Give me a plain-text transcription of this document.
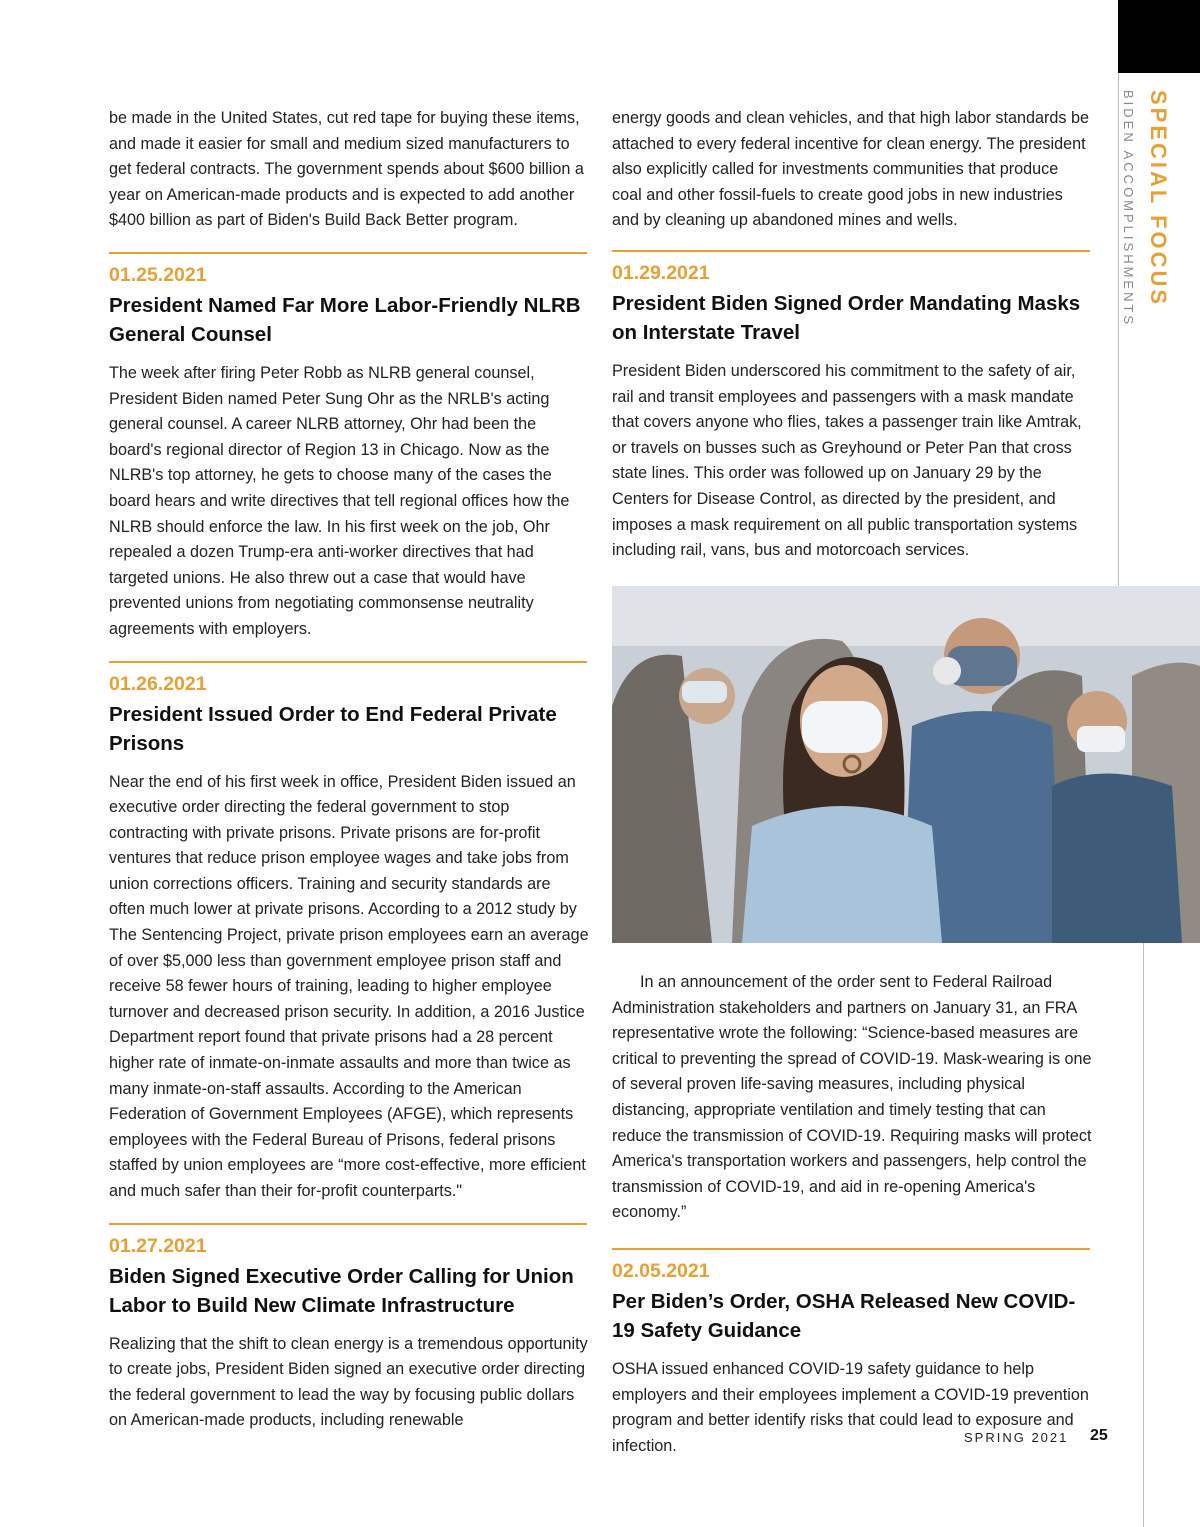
SPECIAL FOCUS
BIDEN ACCOMPLISHMENTS

be made in the United States, cut red tape for buying these items, and made it easier for small and medium sized manufacturers to get federal contracts. The government spends about $600 billion a year on American-made products and is expected to add another $400 billion as part of Biden's Build Back Better program.

01.25.2021
President Named Far More Labor-Friendly NLRB General Counsel

The week after firing Peter Robb as NLRB general counsel, President Biden named Peter Sung Ohr as the NRLB's acting general counsel. A career NLRB attorney, Ohr had been the board's regional director of Region 13 in Chicago. Now as the NLRB's top attorney, he gets to choose many of the cases the board hears and write directives that tell regional offices how the NLRB should enforce the law. In his first week on the job, Ohr repealed a dozen Trump-era anti-worker directives that had targeted unions. He also threw out a case that would have prevented unions from negotiating commonsense neutrality agreements with employers.

01.26.2021
President Issued Order to End Federal Private Prisons

Near the end of his first week in office, President Biden issued an executive order directing the federal government to stop contracting with private prisons. Private prisons are for-profit ventures that reduce prison employee wages and take jobs from union corrections officers. Training and security standards are often much lower at private prisons. According to a 2012 study by The Sentencing Project, private prison employees earn an average of over $5,000 less than government employee prison staff and receive 58 fewer hours of training, leading to higher employee turnover and decreased prison security. In addition, a 2016 Justice Department report found that private prisons had a 28 percent higher rate of inmate-on-inmate assaults and more than twice as many inmate-on-staff assaults. According to the American Federation of Government Employees (AFGE), which represents employees with the Federal Bureau of Prisons, federal prisons staffed by union employees are “more cost-effective, more efficient and much safer than their for-profit counterparts."

01.27.2021
Biden Signed Executive Order Calling for Union Labor to Build New Climate Infrastructure

Realizing that the shift to clean energy is a tremendous opportunity to create jobs, President Biden signed an executive order directing the federal government to lead the way by focusing public dollars on American-made products, including renewable

energy goods and clean vehicles, and that high labor standards be attached to every federal incentive for clean energy. The president also explicitly called for investments communities that produce coal and other fossil-fuels to create good jobs in new industries and by cleaning up abandoned mines and wells.

01.29.2021
President Biden Signed Order Mandating Masks on Interstate Travel

President Biden underscored his commitment to the safety of air, rail and transit employees and passengers with a mask mandate that covers anyone who flies, takes a passenger train like Amtrak, or travels on busses such as Greyhound or Peter Pan that cross state lines. This order was followed up on January 29 by the Centers for Disease Control, as directed by the president, and imposes a mask requirement on all public transportation systems including rail, vans, bus and motorcoach services.

In an announcement of the order sent to Federal Railroad Administration stakeholders and partners on January 31, an FRA representative wrote the following: “Science-based measures are critical to preventing the spread of COVID-19. Mask-wearing is one of several proven life-saving measures, including physical distancing, appropriate ventilation and timely testing that can reduce the transmission of COVID-19. Requiring masks will protect America's transportation workers and passengers, help control the transmission of COVID-19, and aid in re-opening America's economy.”

02.05.2021
Per Biden’s Order, OSHA Released New COVID-19 Safety Guidance

OSHA issued enhanced COVID-19 safety guidance to help employers and their employees implement a COVID-19 prevention program and better identify risks that could lead to exposure and infection.	SPRING 2021 25
